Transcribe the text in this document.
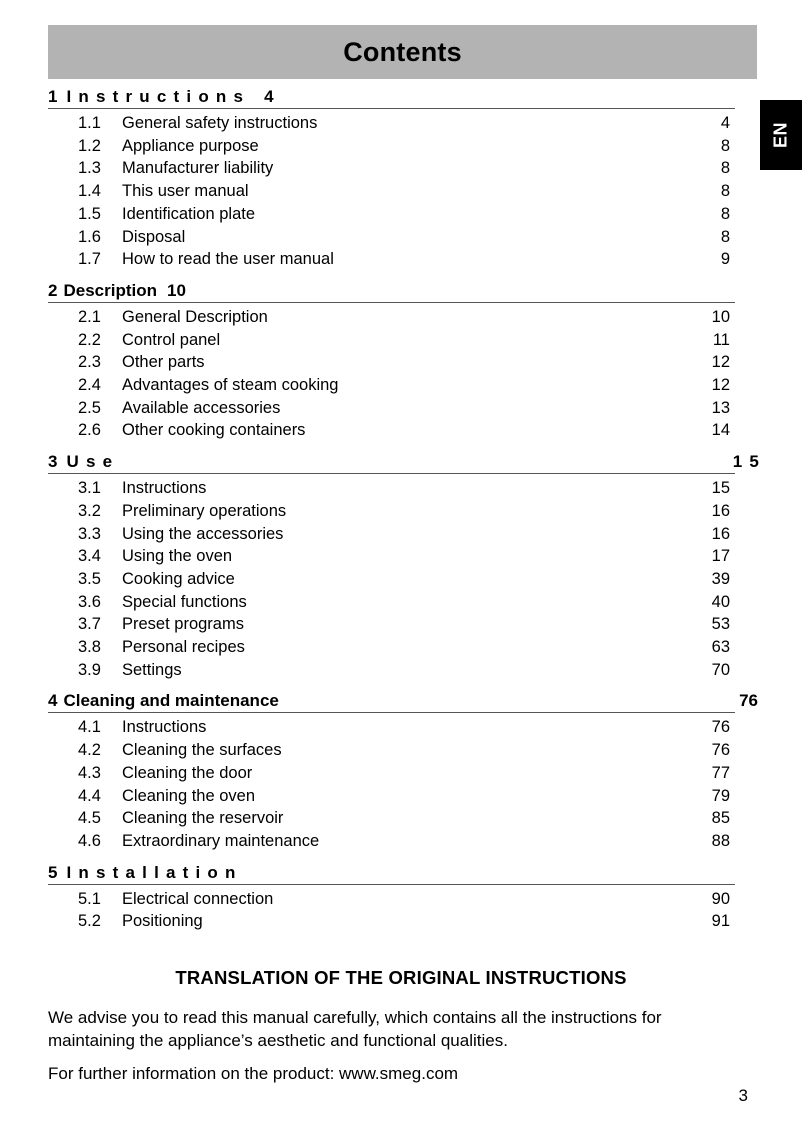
Contents
EN
1 Instructions 4
1.1	General safety instructions	4
1.2	Appliance purpose	8
1.3	Manufacturer liability	8
1.4	This user manual	8
1.5	Identification plate	8
1.6	Disposal	8
1.7	How to read the user manual	9
2 Description 10
2.1	General Description	10
2.2	Control panel	11
2.3	Other parts	12
2.4	Advantages of steam cooking	12
2.5	Available accessories	13
2.6	Other cooking containers	14
3 Use	15
3.1	Instructions	15
3.2	Preliminary operations	16
3.3	Using the accessories	16
3.4	Using the oven	17
3.5	Cooking advice	39
3.6	Special functions	40
3.7	Preset programs	53
3.8	Personal recipes	63
3.9	Settings	70
4 Cleaning and maintenance	76
4.1	Instructions	76
4.2	Cleaning the surfaces	76
4.3	Cleaning the door	77
4.4	Cleaning the oven	79
4.5	Cleaning the reservoir	85
4.6	Extraordinary maintenance	88
5 Installation
5.1	Electrical connection	90
5.2	Positioning	91
TRANSLATION OF THE ORIGINAL INSTRUCTIONS

We advise you to read this manual carefully, which contains all the instructions for maintaining the appliance’s aesthetic and functional qualities.

For further information on the product: www.smeg.com

3
